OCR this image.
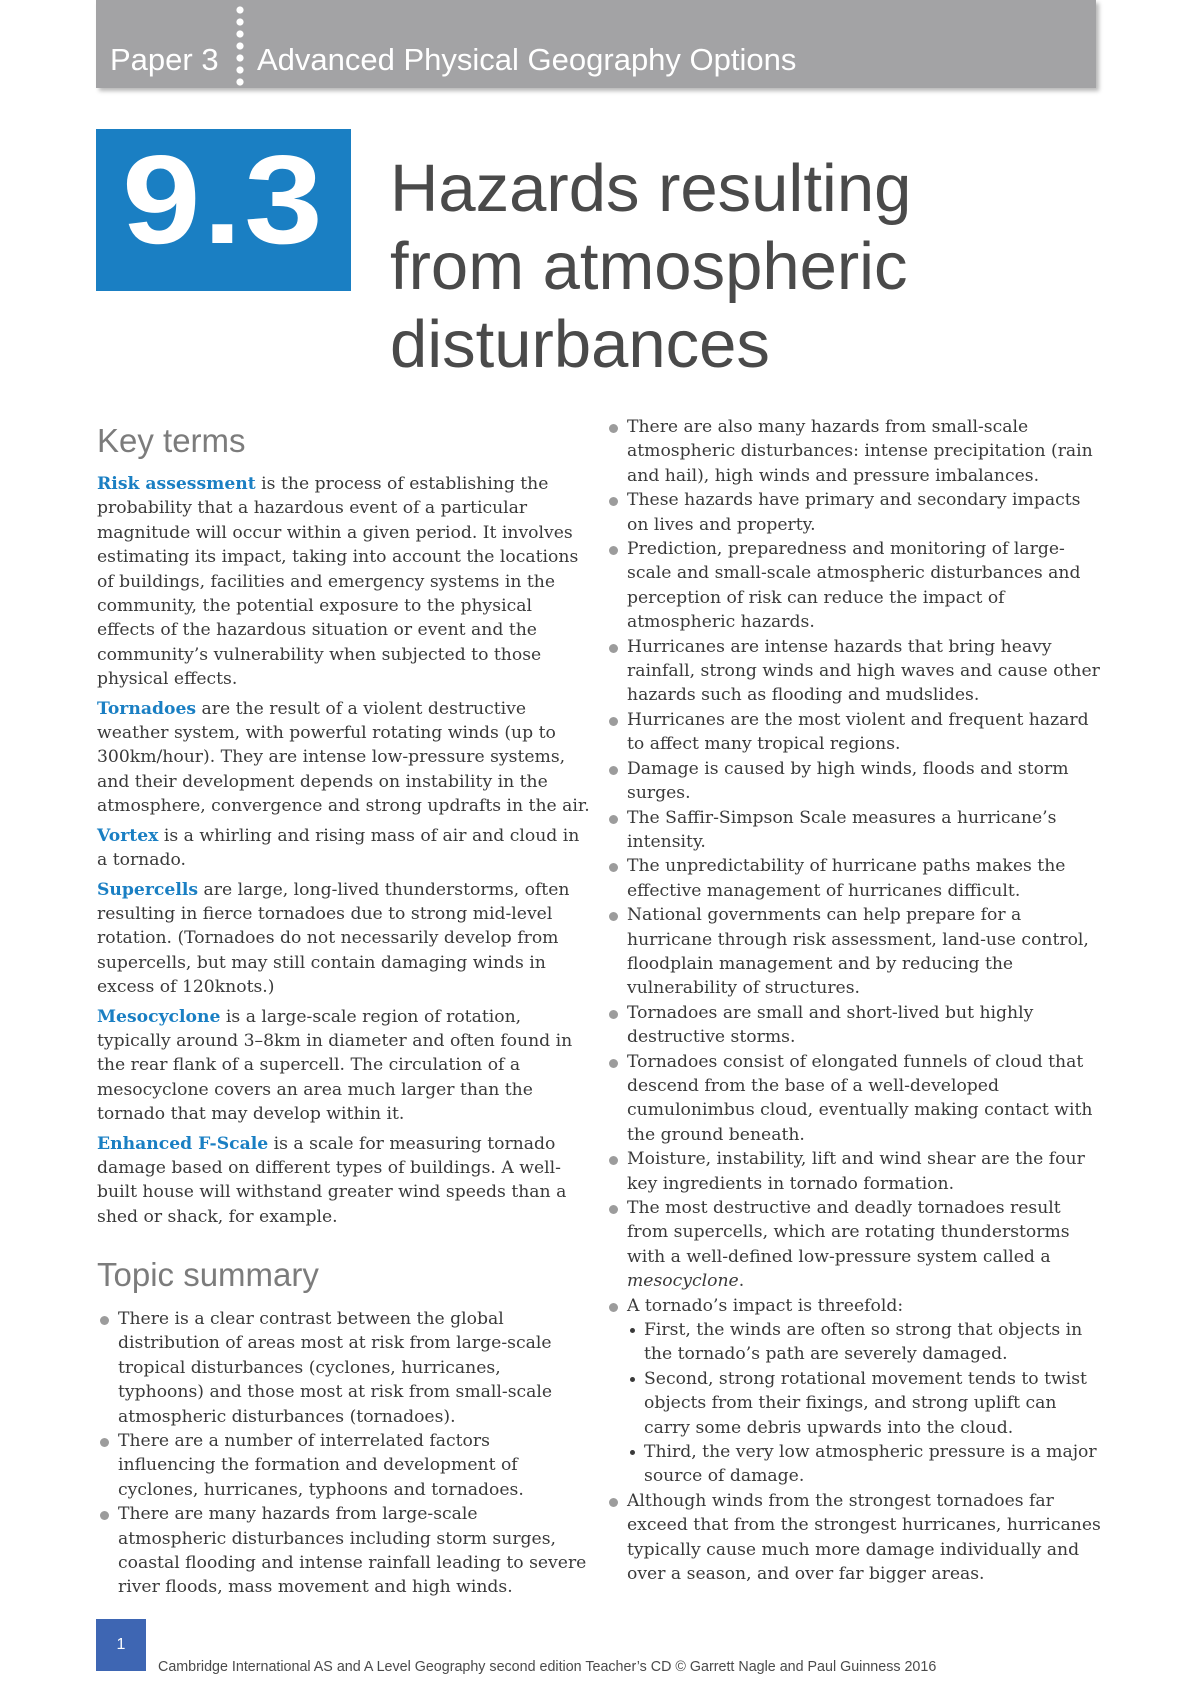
Paper 3 Advanced Physical Geography Options
9.3 Hazards resulting
from atmospheric
disturbances
Key terms

Risk assessment is the process of establishing the probability that a hazardous event of a particular magnitude will occur within a given period. It involves estimating its impact, taking into account the locations of buildings, facilities and emergency systems in the community, the potential exposure to the physical effects of the hazardous situation or event and the community’s vulnerability when subjected to those physical effects.

Tornadoes are the result of a violent destructive weather system, with powerful rotating winds (up to 300km/hour). They are intense low-pressure systems, and their development depends on instability in the atmosphere, convergence and strong updrafts in the air.

Vortex is a whirling and rising mass of air and cloud in a tornado.

Supercells are large, long-lived thunderstorms, often resulting in fierce tornadoes due to strong mid-level rotation. (Tornadoes do not necessarily develop from supercells, but may still contain damaging winds in excess of 120knots.)

Mesocyclone is a large-scale region of rotation, typically around 3–8km in diameter and often found in the rear flank of a supercell. The circulation of a mesocyclone covers an area much larger than the tornado that may develop within it.

Enhanced F-Scale is a scale for measuring tornado damage based on different types of buildings. A well-built house will withstand greater wind speeds than a shed or shack, for example.

Topic summary
There is a clear contrast between the global distribution of areas most at risk from large-scale tropical disturbances (cyclones, hurricanes, typhoons) and those most at risk from small-scale atmospheric disturbances (tornadoes).
There are a number of interrelated factors influencing the formation and development of cyclones, hurricanes, typhoons and tornadoes.
There are many hazards from large-scale atmospheric disturbances including storm surges, coastal flooding and intense rainfall leading to severe river floods, mass movement and high winds.
There are also many hazards from small-scale atmospheric disturbances: intense precipitation (rain and hail), high winds and pressure imbalances.
These hazards have primary and secondary impacts on lives and property.
Prediction, preparedness and monitoring of large-scale and small-scale atmospheric disturbances and perception of risk can reduce the impact of atmospheric hazards.
Hurricanes are intense hazards that bring heavy rainfall, strong winds and high waves and cause other hazards such as flooding and mudslides.
Hurricanes are the most violent and frequent hazard to affect many tropical regions.
Damage is caused by high winds, floods and storm surges.
The Saffir-Simpson Scale measures a hurricane’s intensity.
The unpredictability of hurricane paths makes the effective management of hurricanes difficult.
National governments can help prepare for a hurricane through risk assessment, land-use control, floodplain management and by reducing the vulnerability of structures.
Tornadoes are small and short-lived but highly destructive storms.
Tornadoes consist of elongated funnels of cloud that descend from the base of a well-developed cumulonimbus cloud, eventually making contact with the ground beneath.
Moisture, instability, lift and wind shear are the four key ingredients in tornado formation.
The most destructive and deadly tornadoes result from supercells, which are rotating thunderstorms with a well-defined low-pressure system called a mesocyclone.
A tornado’s impact is threefold:
First, the winds are often so strong that objects in the tornado’s path are severely damaged.
Second, strong rotational movement tends to twist objects from their fixings, and strong uplift can carry some debris upwards into the cloud.
Third, the very low atmospheric pressure is a major source of damage.
Although winds from the strongest tornadoes far exceed that from the strongest hurricanes, hurricanes typically cause much more damage individually and over a season, and over far bigger areas.
1
Cambridge International AS and A Level Geography second edition Teacher’s CD © Garrett Nagle and Paul Guinness 2016
